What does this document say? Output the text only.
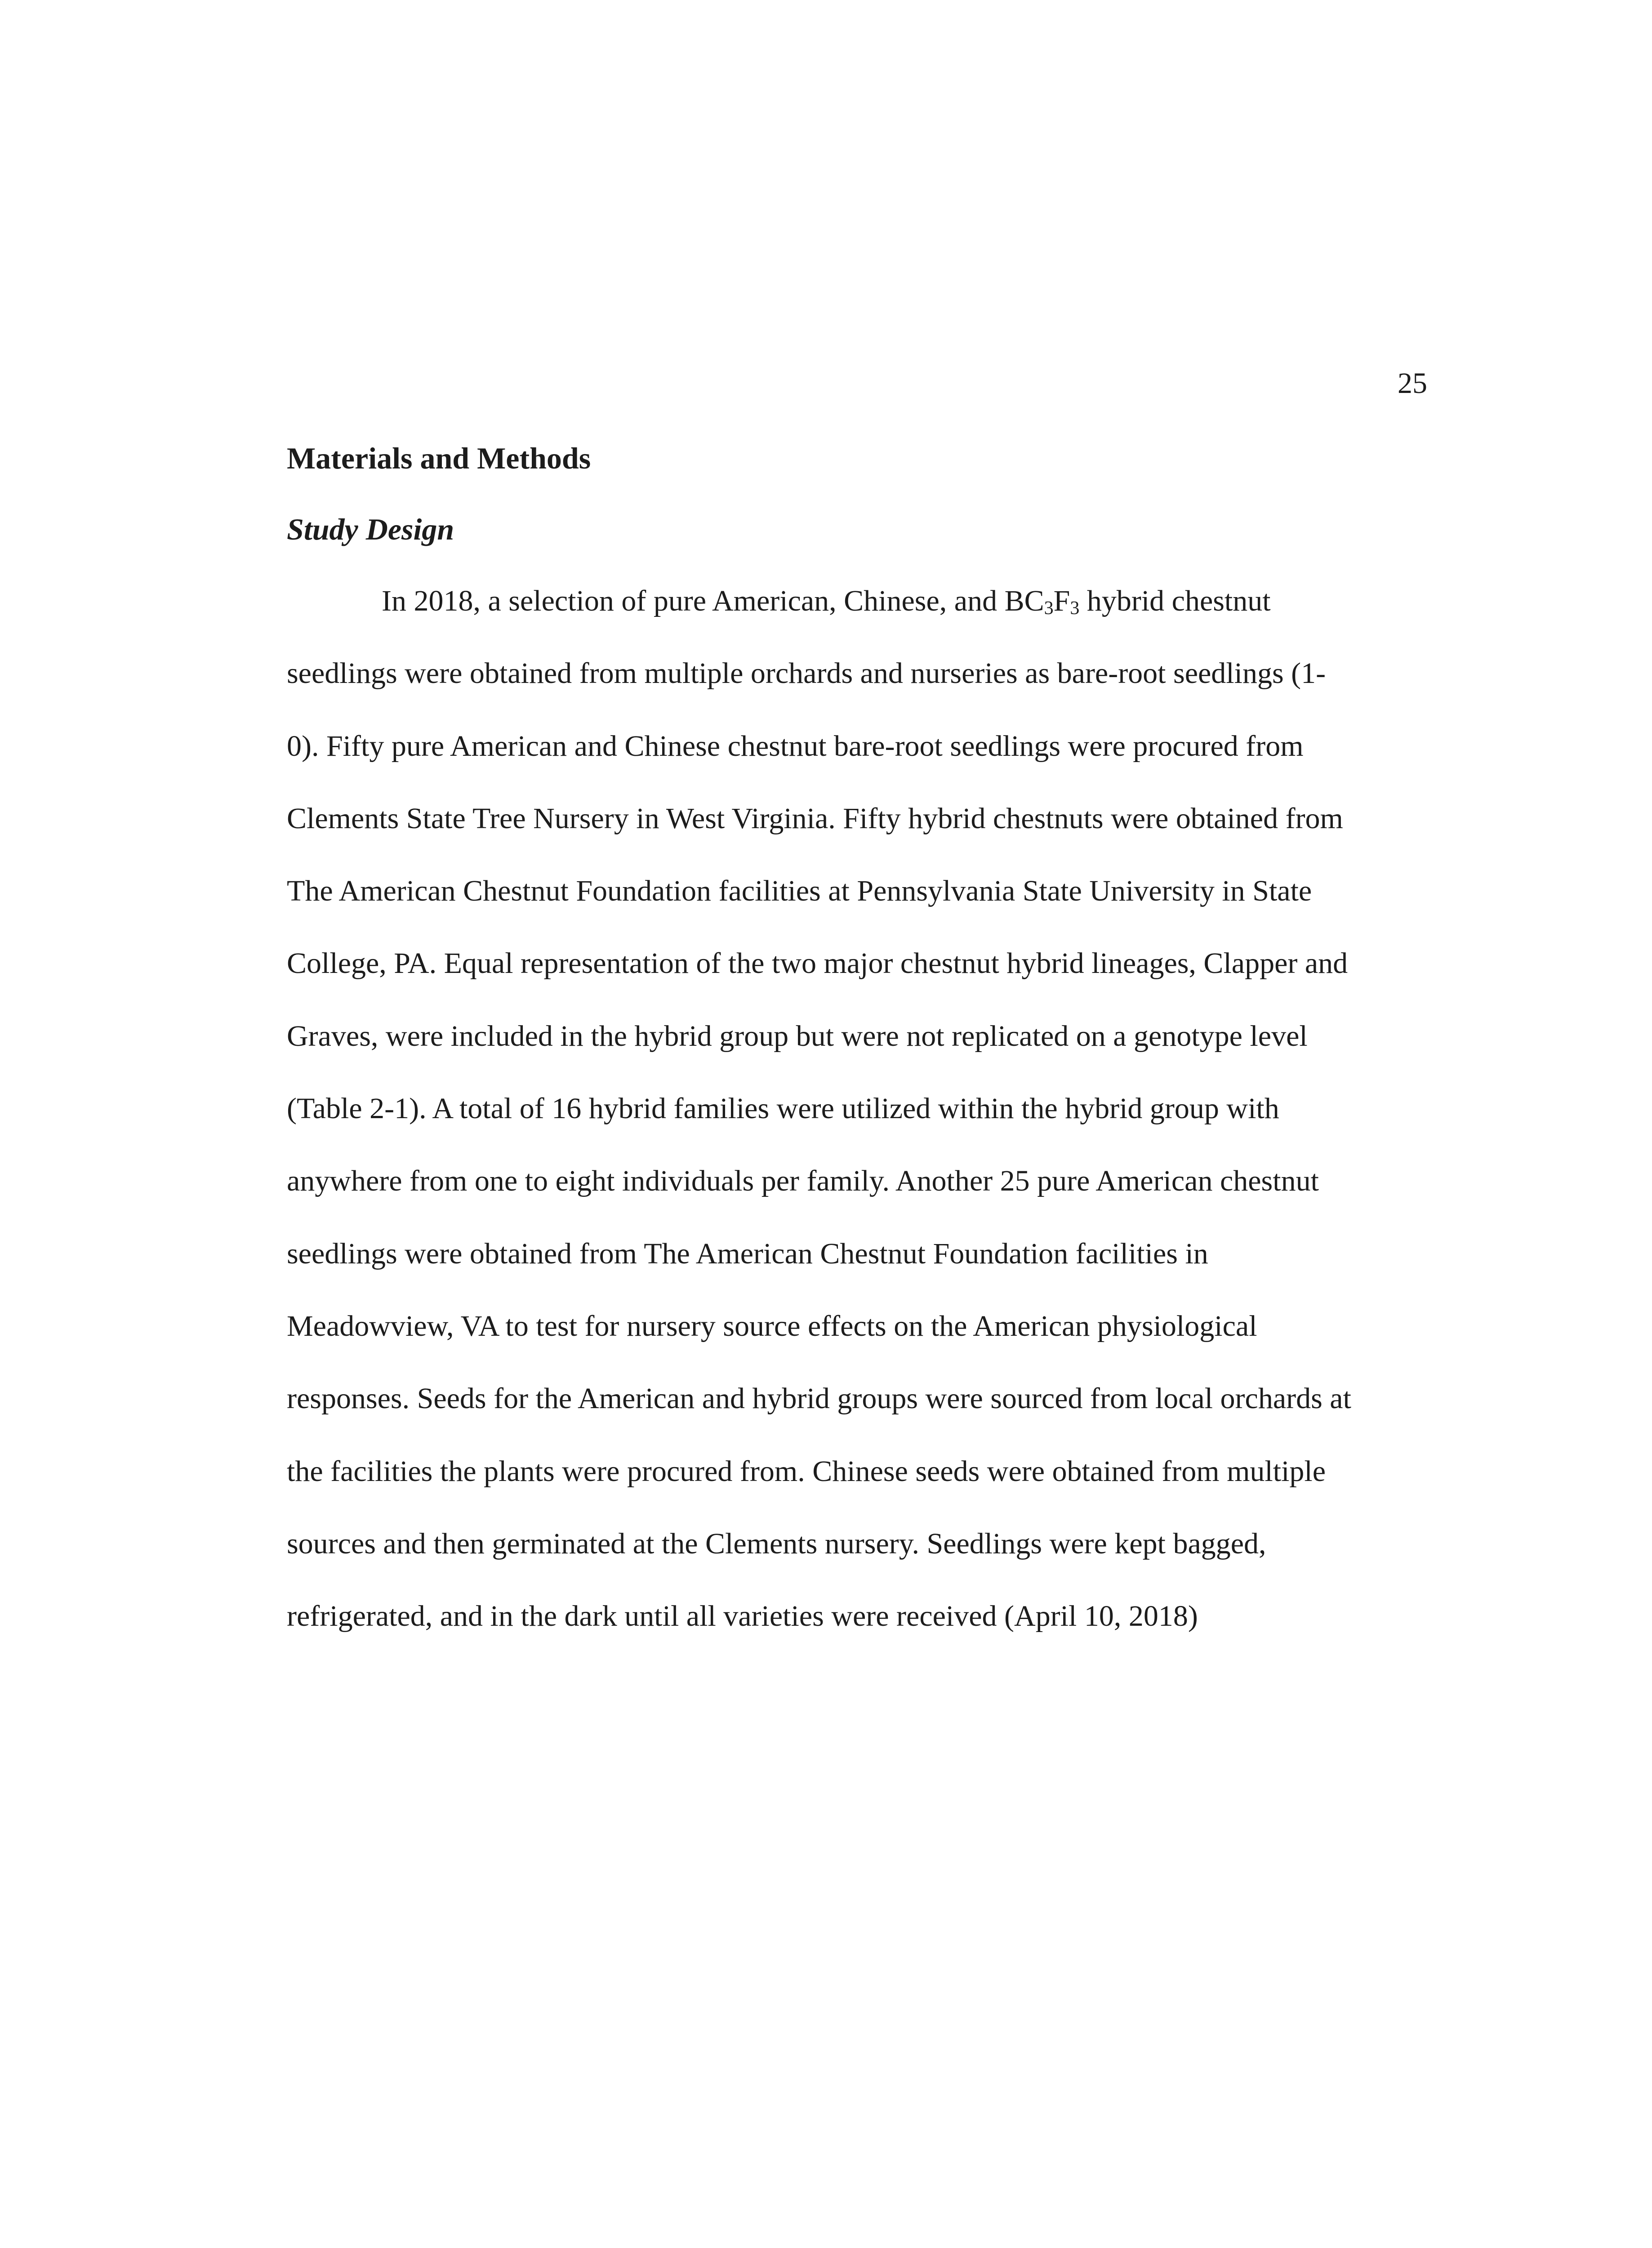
25
Materials and Methods
Study Design
In 2018, a selection of pure American, Chinese, and $BC_3F_3$ hybrid chestnut
seedlings were obtained from multiple orchards and nurseries as bare-root seedlings (1-
0). Fifty pure American and Chinese chestnut bare-root seedlings were procured from
Clements State Tree Nursery in West Virginia. Fifty hybrid chestnuts were obtained from
The American Chestnut Foundation facilities at Pennsylvania State University in State
College, PA. Equal representation of the two major chestnut hybrid lineages, Clapper and
Graves, were included in the hybrid group but were not replicated on a genotype level
(Table 2-1). A total of 16 hybrid families were utilized within the hybrid group with
anywhere from one to eight individuals per family. Another 25 pure American chestnut
seedlings were obtained from The American Chestnut Foundation facilities in
Meadowview, VA to test for nursery source effects on the American physiological
responses. Seeds for the American and hybrid groups were sourced from local orchards at
the facilities the plants were procured from. Chinese seeds were obtained from multiple
sources and then germinated at the Clements nursery. Seedlings were kept bagged,
refrigerated, and in the dark until all varieties were received (April 10, 2018)
